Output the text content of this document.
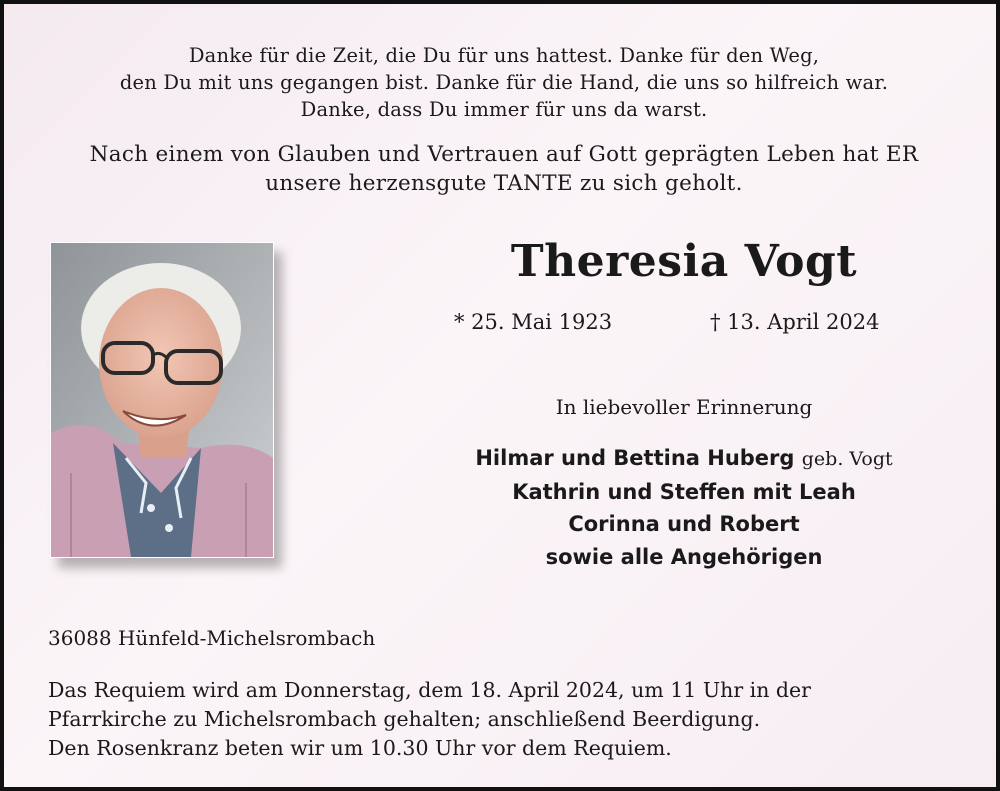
Danke für die Zeit, die Du für uns hattest. Danke für den Weg,
den Du mit uns gegangen bist. Danke für die Hand, die uns so hilfreich war.
Danke, dass Du immer für uns da warst.
Nach einem von Glauben und Vertrauen auf Gott geprägten Leben hat ER
unsere herzensgute TANTE zu sich geholt.
Theresia Vogt
* 25. Mai 1923	† 13. April 2024
In liebevoller Erinnerung
Hilmar und Bettina Huberg geb. Vogt
Kathrin und Steffen mit Leah
Corinna und Robert
sowie alle Angehörigen
36088 Hünfeld-Michelsrombach
Das Requiem wird am Donnerstag, dem 18. April 2024, um 11 Uhr in der
Pfarrkirche zu Michelsrombach gehalten; anschließend Beerdigung.
Den Rosenkranz beten wir um 10.30 Uhr vor dem Requiem.
